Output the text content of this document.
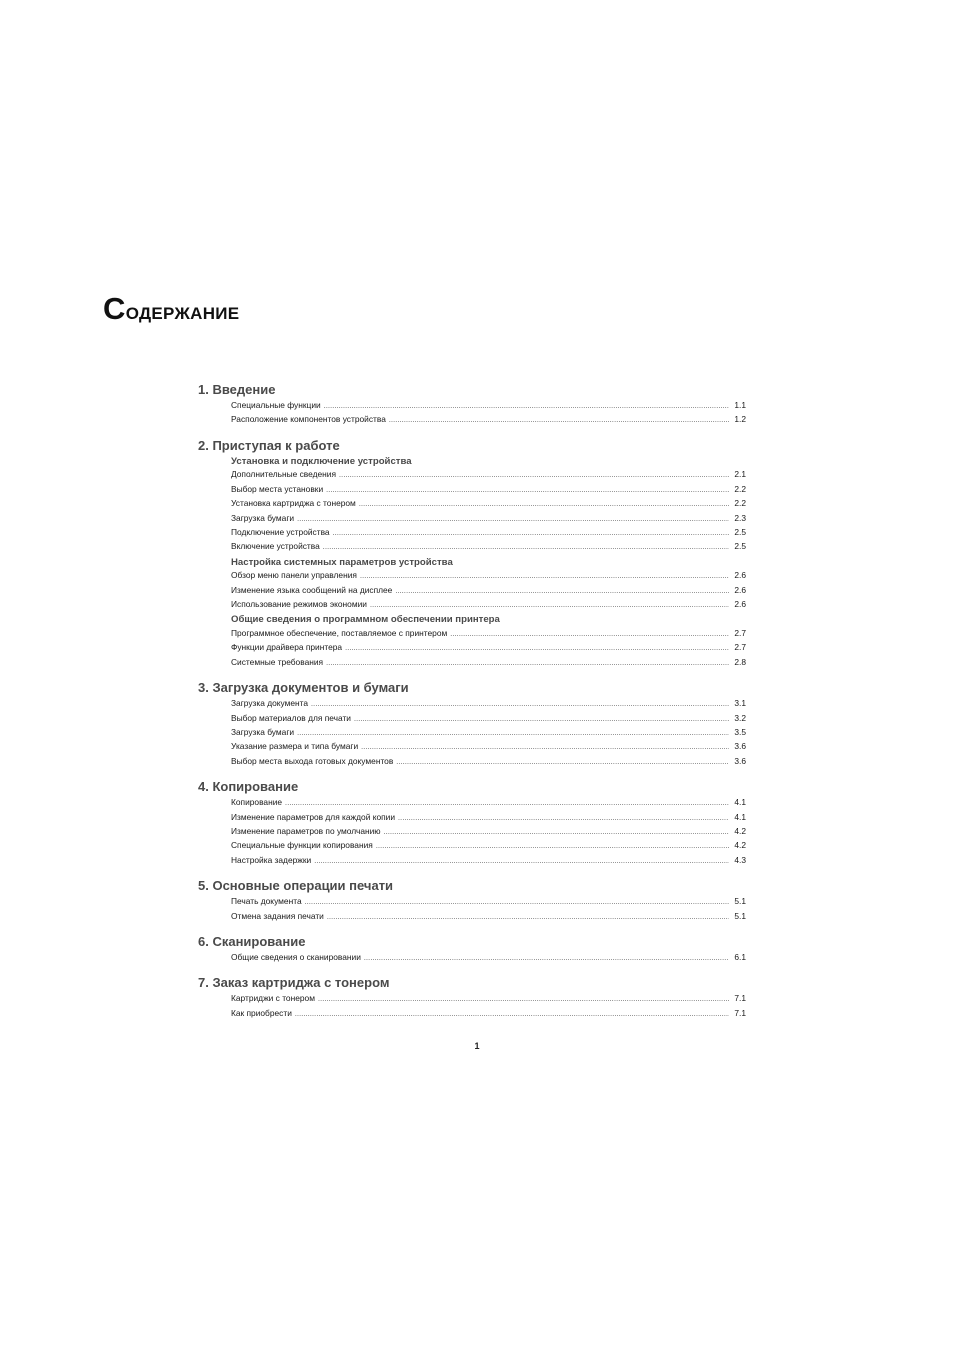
Содержание
1. Введение
Специальные функции .....	1.1
Расположение компонентов устройства .....	1.2
2. Приступая к работе
Установка и подключение устройства
Дополнительные сведения .....	2.1
Выбор места установки .....	2.2
Установка картриджа с тонером .....	2.2
Загрузка бумаги .....	2.3
Подключение устройства .....	2.5
Включение устройства .....	2.5
Настройка системных параметров устройства
Обзор меню панели управления .....	2.6
Изменение языка сообщений на дисплее .....	2.6
Использование режимов экономии .....	2.6
Общие сведения о программном обеспечении принтера
Программное обеспечение, поставляемое с принтером .....	2.7
Функции драйвера принтера .....	2.7
Системные требования .....	2.8
3. Загрузка документов и бумаги
Загрузка документа .....	3.1
Выбор материалов для печати .....	3.2
Загрузка бумаги .....	3.5
Указание размера и типа бумаги .....	3.6
Выбор места выхода готовых документов .....	3.6
4. Копирование
Копирование .....	4.1
Изменение параметров для каждой копии .....	4.1
Изменение параметров по умолчанию .....	4.2
Специальные функции копирования .....	4.2
Настройка задержки .....	4.3
5. Основные операции печати
Печать документа .....	5.1
Отмена задания печати .....	5.1
6. Сканирование
Общие сведения о сканировании .....	6.1
7. Заказ картриджа с тонером
Картриджи с тонером .....	7.1
Как приобрести .....	7.1
1
